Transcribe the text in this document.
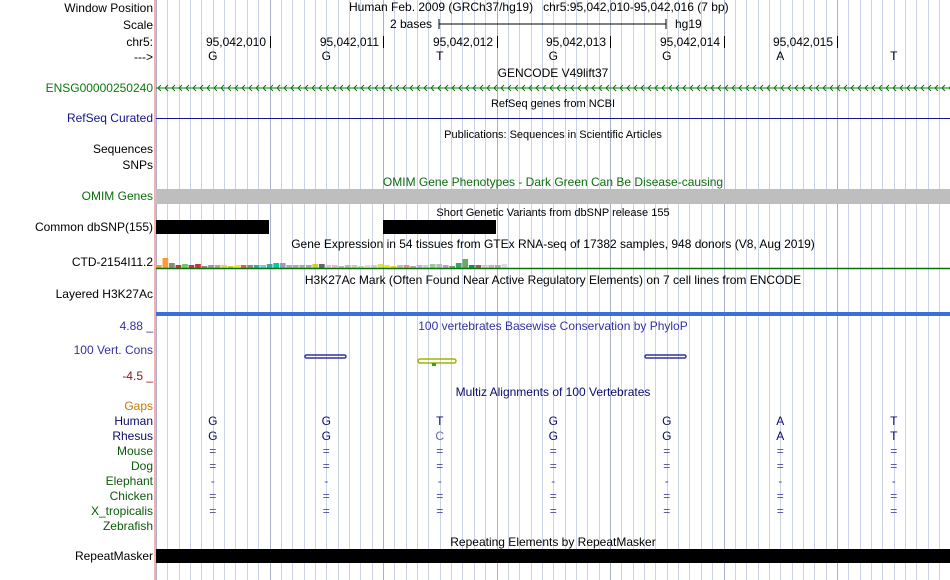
Window Position	Human Feb. 2009 (GRCh37/hg19)   chr5:95,042,010-95,042,016 (7 bp)
Scale	2 bases	hg19
chr5:
--->
95,042,010	95,042,011	95,042,012	95,042,013	95,042,014	95,042,015
G	G	T	G	G	A	T
GENCODE V49lift37
ENSG00000250240
RefSeq genes from NCBI
RefSeq Curated
Publications: Sequences in Scientific Articles
Sequences
SNPs
OMIM Gene Phenotypes - Dark Green Can Be Disease-causing
OMIM Genes
Short Genetic Variants from dbSNP release 155
Common dbSNP(155)
Gene Expression in 54 tissues from GTEx RNA-seq of 17382 samples, 948 donors (V8, Aug 2019)
CTD-2154I11.2
H3K27Ac Mark (Often Found Near Active Regulatory Elements) on 7 cell lines from ENCODE
Layered H3K27Ac
100 vertebrates Basewise Conservation by PhyloP
4.88 _
100 Vert. Cons
-4.5 _
Multiz Alignments of 100 Vertebrates
Gaps
Human	G	G	T	G	G	A	T
Rhesus	G	G	C	G	G	A	T
Mouse	=	=	=	=	=	=	=
Dog	=	=	=	=	=	=	=
Elephant	-	-	-	-	-	-	-
Chicken	=	=	=	=	=	=	=
X_tropicalis	=	=	=	=	=	=	=
Zebrafish
Repeating Elements by RepeatMasker
RepeatMasker
